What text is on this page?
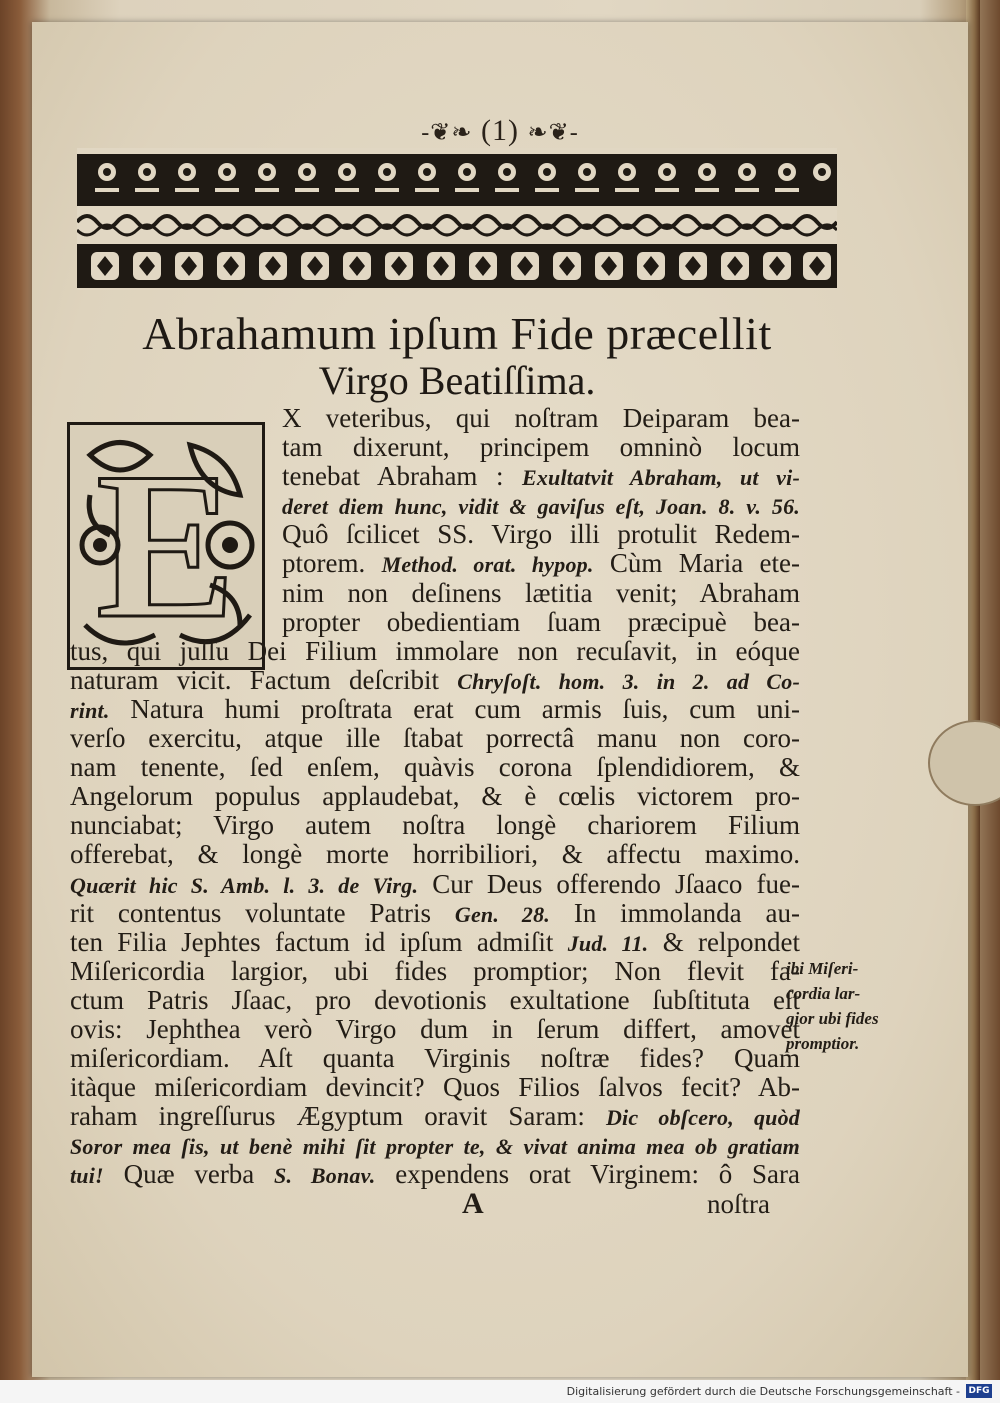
-❦❧ (1) ❧❦-
Abrahamum ipſum Fide præcellit
Virgo Beatiſſima.
E
X veteribus, qui noſtram Deiparam bea-
tam dixerunt, principem omninò locum
tenebat Abraham : Exultatvit Abraham, ut vi-
deret diem hunc, vidit & gaviſus eſt, Joan. 8. v. 56.
Quô ſcilicet SS. Virgo illi protulit Redem-
ptorem. Method. orat. hypop. Cùm Maria ete-
nim non deſinens lætitia venit; Abraham
propter obedientiam ſuam præcipuè bea-
tus, qui juſſu Dei Filium immolare non recuſavit, in eóque
naturam vicit. Factum deſcribit Chryſoſt. hom. 3. in 2. ad Co-
rint. Natura humi proſtrata erat cum armis ſuis, cum uni-
verſo exercitu, atque ille ſtabat porrectâ manu non coro-
nam tenente, ſed enſem, quàvis corona ſplendidiorem, &
Angelorum populus applaudebat, & è cœlis victorem pro-
nunciabat; Virgo autem noſtra longè chariorem Filium
offerebat, & longè morte horribiliori, & affectu maximo.
Quærit hic S. Amb. l. 3. de Virg. Cur Deus offerendo Jſaaco fue-
rit contentus voluntate Patris Gen. 28. In immolanda au-
ten Filia Jephtes factum id ipſum admiſit Jud. 11. & relpondet
Miſericordia largior, ubi fides promptior; Non flevit fa-
ctum Patris Jſaac, pro devotionis exultatione ſubſtituta eſt
ovis: Jephthea verò Virgo dum in ſerum differt, amovet
miſericordiam. Aſt quanta Virginis noſtræ fides? Quam
itàque miſericordiam devincit? Quos Filios ſalvos fecit? Ab-
raham ingreſſurus Ægyptum oravit Saram: Dic obſcero, quòd
Soror mea ſis, ut benè mihi ſit propter te, & vivat anima mea ob gratiam
tui! Quæ verba S. Bonav. expendens orat Virginem: ô Sara
ibi Miſeri-
cordia lar-
gior ubi fides
promptior.
A	noſtra
Digitalisierung gefördert durch die Deutsche Forschungsgemeinschaft - DFG
